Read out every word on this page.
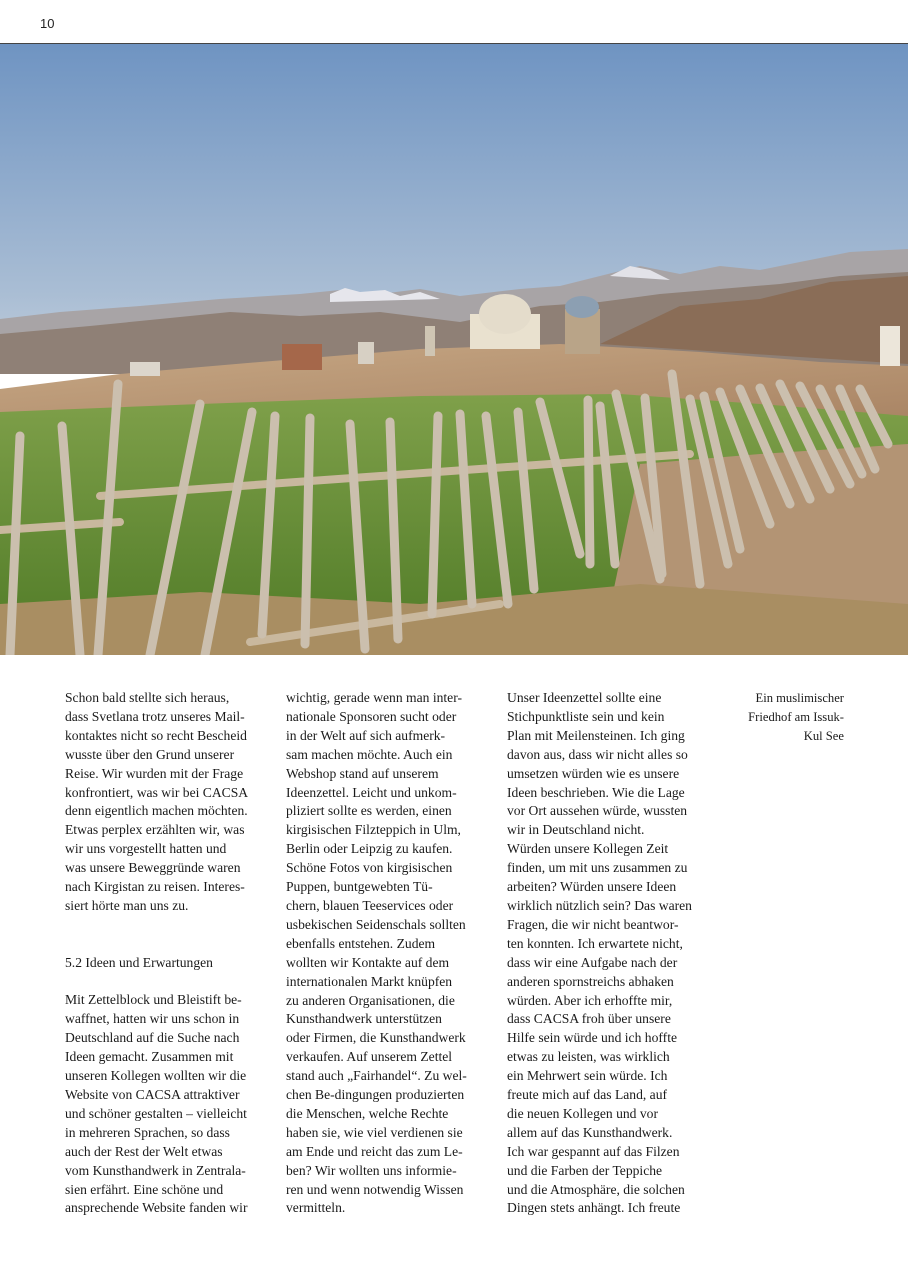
10

Schon bald stellte sich heraus,

dass Svetlana trotz unseres Mail-

kontaktes nicht so recht Bescheid

wusste über den Grund unserer

Reise. Wir wurden mit der Frage

konfrontiert, was wir bei CACSA

denn eigentlich machen möchten.

Etwas perplex erzählten wir, was

wir uns vorgestellt hatten und

was unsere Beweggründe waren

nach Kirgistan zu reisen. Interes-

siert hörte man uns zu.

5.2 Ideen und Erwartungen

Mit Zettelblock und Bleistift be-

waffnet, hatten wir uns schon in

Deutschland auf die Suche nach

Ideen gemacht. Zusammen mit

unseren Kollegen wollten wir die

Website von CACSA attraktiver

und schöner gestalten – vielleicht

in mehreren Sprachen, so dass

auch der Rest der Welt etwas

vom Kunsthandwerk in Zentrala-

sien erfährt. Eine schöne und

ansprechende Website fanden wir

wichtig, gerade wenn man inter-

nationale Sponsoren sucht oder

in der Welt auf sich aufmerk-

sam machen möchte. Auch ein

Webshop stand auf unserem

Ideenzettel. Leicht und unkom-

pliziert sollte es werden, einen

kirgisischen Filzteppich in Ulm,

Berlin oder Leipzig zu kaufen.

Schöne Fotos von kirgisischen

Puppen, buntgewebten Tü-

chern, blauen Teeservices oder

usbekischen Seidenschals sollten

ebenfalls entstehen. Zudem

wollten wir Kontakte auf dem

internationalen Markt knüpfen

zu anderen Organisationen, die

Kunsthandwerk unterstützen

oder Firmen, die Kunsthandwerk

verkaufen. Auf unserem Zettel

stand auch „Fairhandel“. Zu wel-

chen Be-dingungen produzierten

die Menschen, welche Rechte

haben sie, wie viel verdienen sie

am Ende und reicht das zum Le-

ben? Wir wollten uns informie-

ren und wenn notwendig Wissen

vermitteln.

Unser Ideenzettel sollte eine

Stichpunktliste sein und kein

Plan mit Meilensteinen. Ich ging

davon aus, dass wir nicht alles so

umsetzen würden wie es unsere

Ideen beschrieben. Wie die Lage

vor Ort aussehen würde, wussten

wir in Deutschland nicht.

Würden unsere Kollegen Zeit

finden, um mit uns zusammen zu

arbeiten? Würden unsere Ideen

wirklich nützlich sein? Das waren

Fragen, die wir nicht beantwor-

ten konnten. Ich erwartete nicht,

dass wir eine Aufgabe nach der

anderen spornstreichs abhaken

würden. Aber ich erhoffte mir,

dass CACSA froh über unsere

Hilfe sein würde und ich hoffte

etwas zu leisten, was wirklich

ein Mehrwert sein würde. Ich

freute mich auf das Land, auf

die neuen Kollegen und vor

allem auf das Kunsthandwerk.

Ich war gespannt auf das Filzen

und die Farben der Teppiche

und die Atmosphäre, die solchen

Dingen stets anhängt. Ich freute

Ein muslimischer

Friedhof am Issuk-

Kul See
